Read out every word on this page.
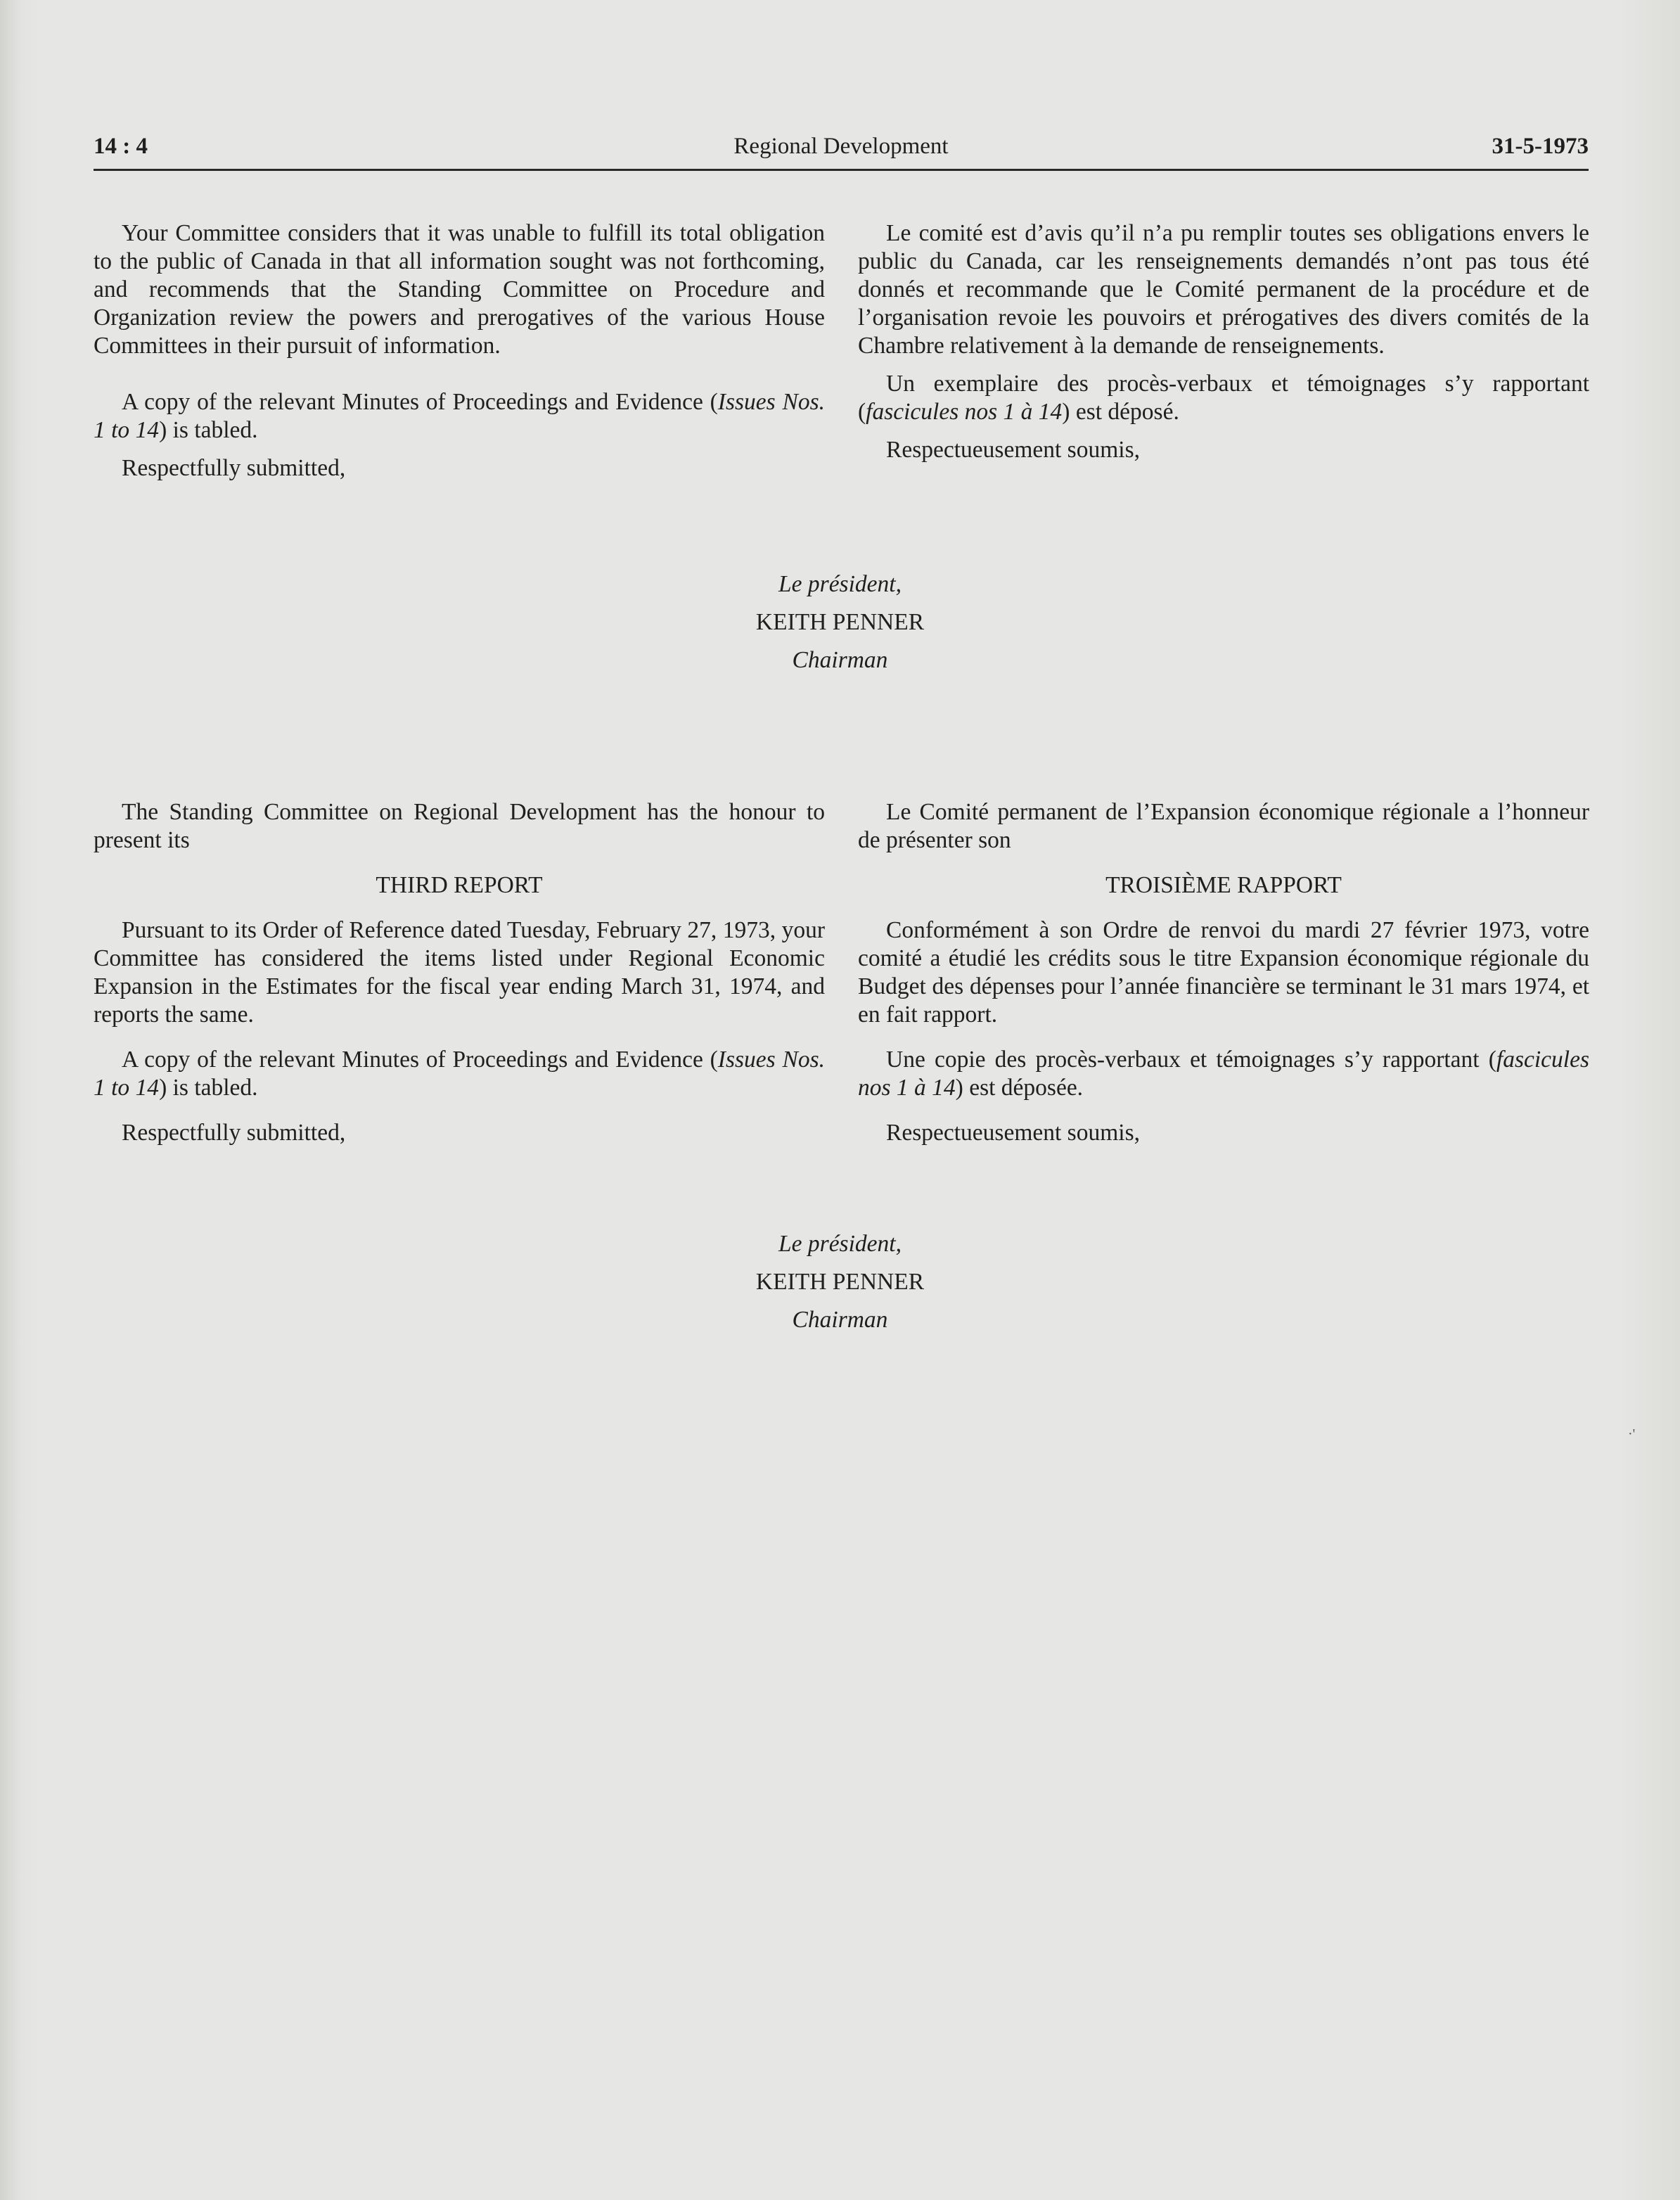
14 : 4	Regional Development	31-5-1973

Your Committee considers that it was unable to fulfill its total obligation to the public of Canada in that all information sought was not forthcoming, and recommends that the Standing Committee on Procedure and Organization review the powers and prerogatives of the various House Committees in their pursuit of information.

A copy of the relevant Minutes of Proceedings and Evidence (Issues Nos. 1 to 14) is tabled.

Respectfully submitted,

Le comité est d’avis qu’il n’a pu remplir toutes ses obligations envers le public du Canada, car les renseignements demandés n’ont pas tous été donnés et recommande que le Comité permanent de la procédure et de l’organisation revoie les pouvoirs et prérogatives des divers comités de la Chambre relativement à la demande de renseignements.

Un exemplaire des procès-verbaux et témoignages s’y rapportant (fascicules nos 1 à 14) est déposé.

Respectueusement soumis,

Le président,
KEITH PENNER
Chairman

The Standing Committee on Regional Development has the honour to present its

THIRD REPORT

Pursuant to its Order of Reference dated Tuesday, February 27, 1973, your Committee has considered the items listed under Regional Economic Expansion in the Estimates for the fiscal year ending March 31, 1974, and reports the same.

A copy of the relevant Minutes of Proceedings and Evidence (Issues Nos. 1 to 14) is tabled.

Respectfully submitted,

Le Comité permanent de l’Expansion économique régionale a l’honneur de présenter son

TROISIÈME RAPPORT

Conformément à son Ordre de renvoi du mardi 27 février 1973, votre comité a étudié les crédits sous le titre Expansion économique régionale du Budget des dépenses pour l’année financière se terminant le 31 mars 1974, et en fait rapport.

Une copie des procès-verbaux et témoignages s’y rapportant (fascicules nos 1 à 14) est déposée.

Respectueusement soumis,

Le président,
KEITH PENNER
Chairman
·'
